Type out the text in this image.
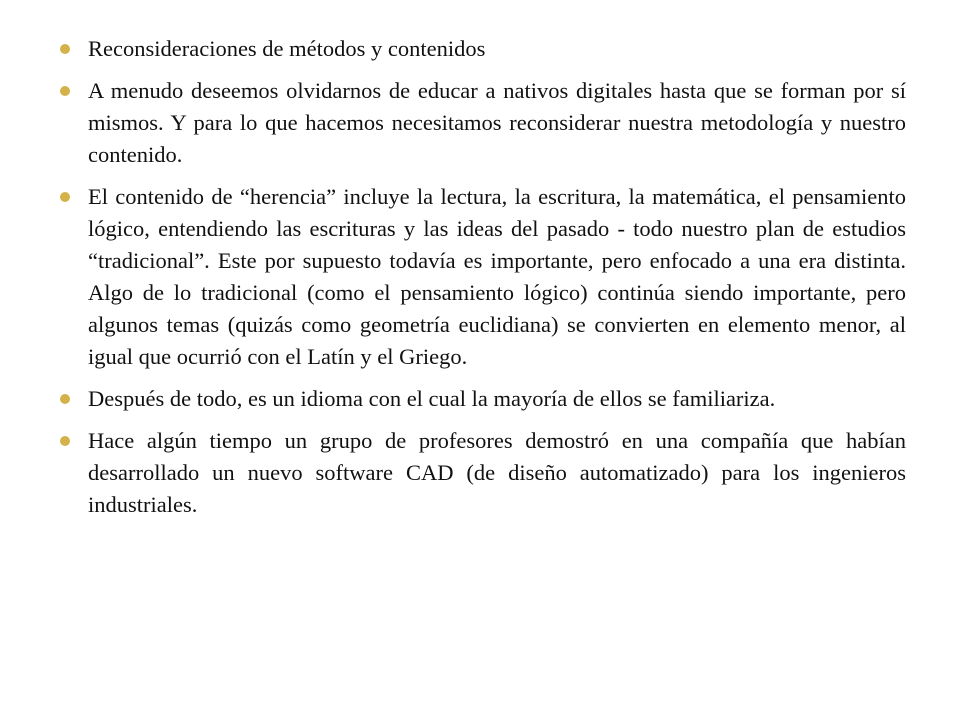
Reconsideraciones de métodos y contenidos
A menudo deseemos olvidarnos de educar a nativos digitales hasta que se forman por sí mismos. Y para lo que hacemos necesitamos reconsiderar nuestra metodología y nuestro contenido.
El contenido de “herencia” incluye la lectura, la escritura, la matemática, el pensamiento lógico, entendiendo las escrituras y las ideas del pasado - todo nuestro plan de estudios “tradicional”. Este por supuesto todavía es importante, pero enfocado a una era distinta. Algo de lo tradicional (como el pensamiento lógico) continúa siendo importante, pero algunos temas (quizás como geometría euclidiana) se convierten en elemento menor, al igual que ocurrió con el Latín y el Griego.
Después de todo, es un idioma con el cual la mayoría de ellos se familiariza.
Hace algún tiempo un grupo de profesores demostró en una compañía que habían desarrollado un nuevo software CAD (de diseño automatizado) para los ingenieros industriales.
